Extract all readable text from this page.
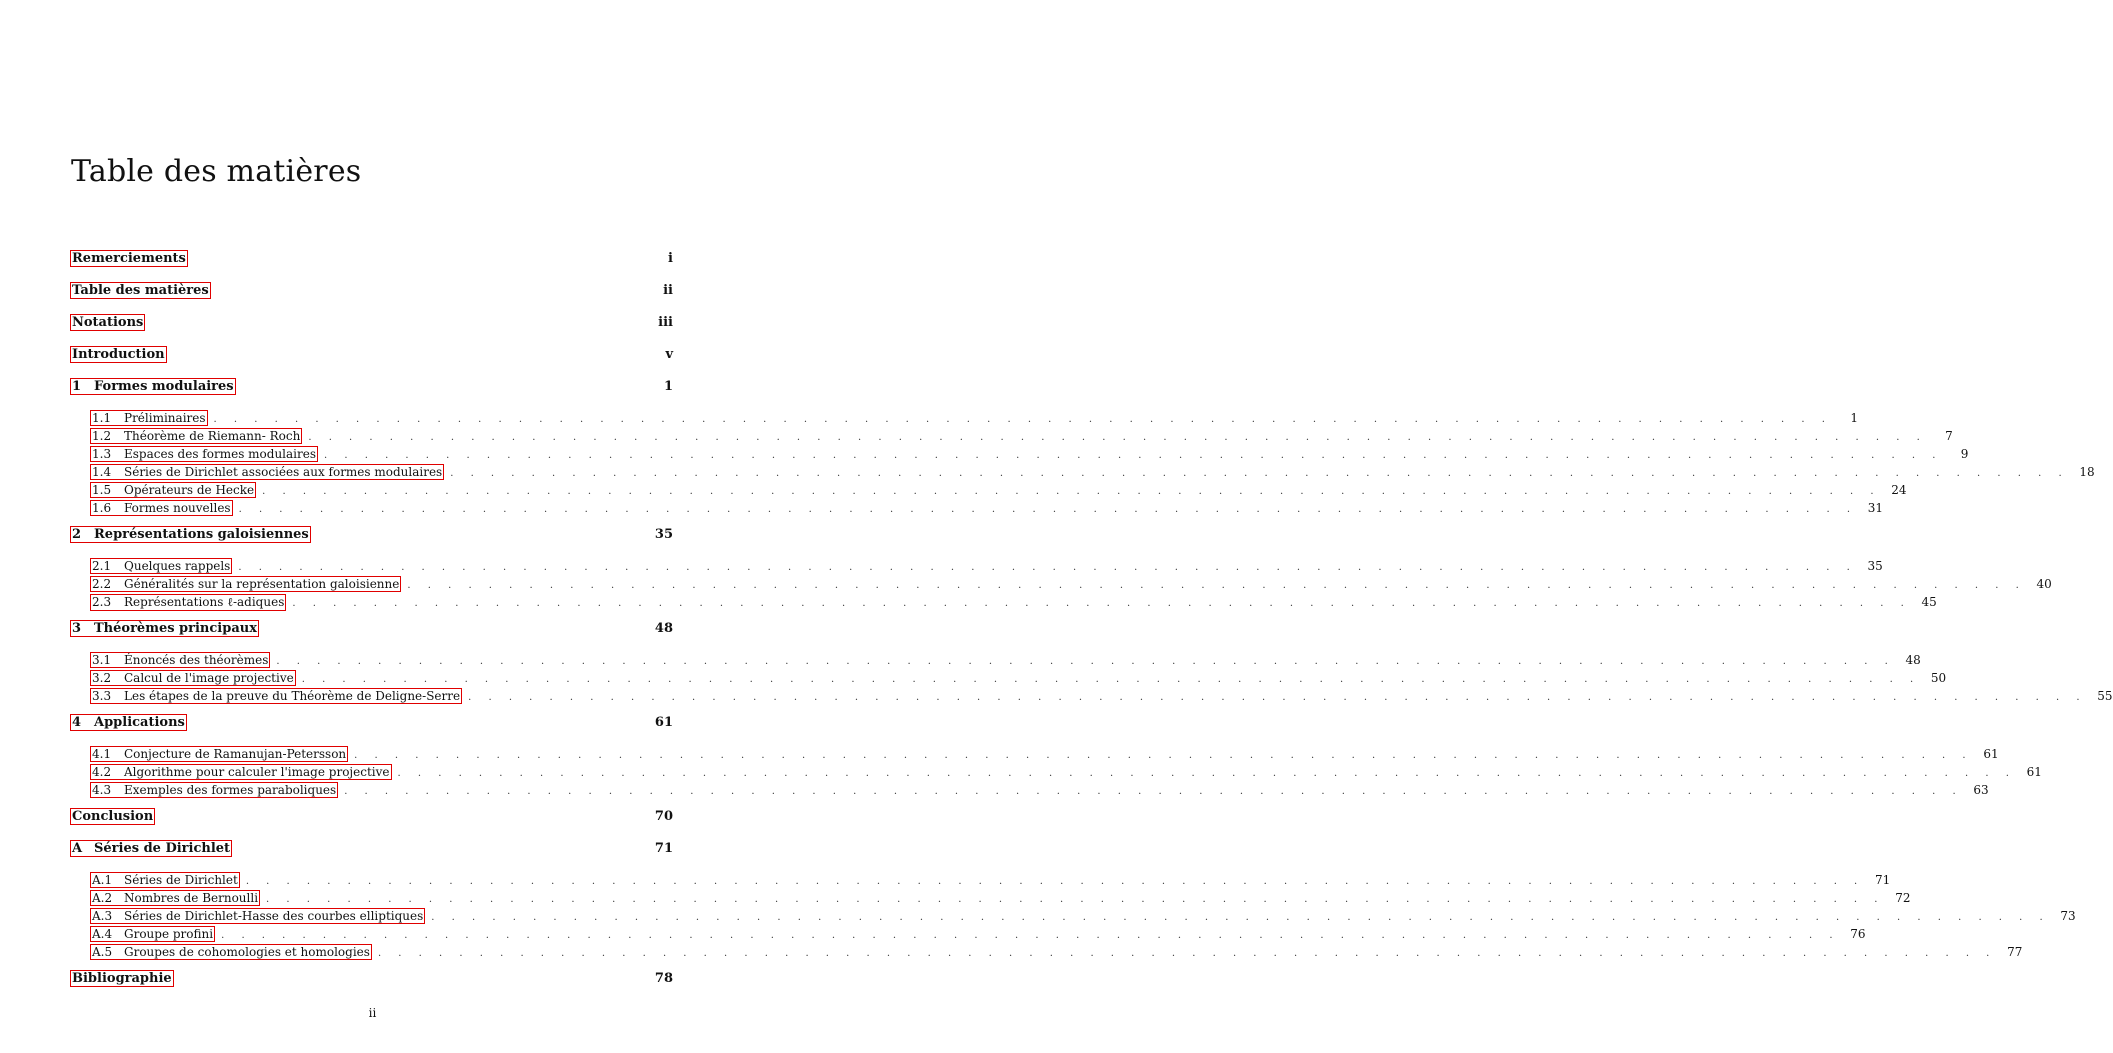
Table des matières
Remerciements	i
Table des matières	ii
Notations	iii
Introduction	v
1 Formes modulaires	1
1.1 Préliminaires . . . . . . . . . . . . . . . . . . . . . . . . . . . . . . . . . . . . . . . . . . . . . . . . . . . . . . . . . . . . . . . . . . . . . . . . . . . . . . . .	1
1.2 Théorème de Riemann- Roch . . . . . . . . . . . . . . . . . . . . . . . . . . . . . . . . . . . . . . . . . . . . . . . . . . . . . . . . . . . . . . . . . . . . . . . . . . . . . . . .	7
1.3 Espaces des formes modulaires . . . . . . . . . . . . . . . . . . . . . . . . . . . . . . . . . . . . . . . . . . . . . . . . . . . . . . . . . . . . . . . . . . . . . . . . . . . . . . . .	9
1.4 Séries de Dirichlet associées aux formes modulaires . . . . . . . . . . . . . . . . . . . . . . . . . . . . . . . . . . . . . . . . . . . . . . . . . . . . . . . . . . . . . . . . . . . . . . . . . . . . . . . . 18
1.5 Opérateurs de Hecke . . . . . . . . . . . . . . . . . . . . . . . . . . . . . . . . . . . . . . . . . . . . . . . . . . . . . . . . . . . . . . . . . . . . . . . . . . . . . . . . 24
1.6 Formes nouvelles . . . . . . . . . . . . . . . . . . . . . . . . . . . . . . . . . . . . . . . . . . . . . . . . . . . . . . . . . . . . . . . . . . . . . . . . . . . . . . . . 31
2 Représentations galoisiennes	35
2.1 Quelques rappels . . . . . . . . . . . . . . . . . . . . . . . . . . . . . . . . . . . . . . . . . . . . . . . . . . . . . . . . . . . . . . . . . . . . . . . . . . . . . . . . 35
2.2 Généralités sur la représentation galoisienne . . . . . . . . . . . . . . . . . . . . . . . . . . . . . . . . . . . . . . . . . . . . . . . . . . . . . . . . . . . . . . . . . . . . . . . . . . . . . . . . 40
2.3 Représentations ℓ-adiques . . . . . . . . . . . . . . . . . . . . . . . . . . . . . . . . . . . . . . . . . . . . . . . . . . . . . . . . . . . . . . . . . . . . . . . . . . . . . . . . 45
3 Théorèmes principaux	48
3.1 Énoncés des théorèmes . . . . . . . . . . . . . . . . . . . . . . . . . . . . . . . . . . . . . . . . . . . . . . . . . . . . . . . . . . . . . . . . . . . . . . . . . . . . . . . . 48
3.2 Calcul de l'image projective . . . . . . . . . . . . . . . . . . . . . . . . . . . . . . . . . . . . . . . . . . . . . . . . . . . . . . . . . . . . . . . . . . . . . . . . . . . . . . . . 50
3.3 Les étapes de la preuve du Théorème de Deligne-Serre . . . . . . . . . . . . . . . . . . . . . . . . . . . . . . . . . . . . . . . . . . . . . . . . . . . . . . . . . . . . . . . . . . . . . . . . . . . . . . . . 55
4 Applications	61
4.1 Conjecture de Ramanujan-Petersson . . . . . . . . . . . . . . . . . . . . . . . . . . . . . . . . . . . . . . . . . . . . . . . . . . . . . . . . . . . . . . . . . . . . . . . . . . . . . . . . 61
4.2 Algorithme pour calculer l'image projective . . . . . . . . . . . . . . . . . . . . . . . . . . . . . . . . . . . . . . . . . . . . . . . . . . . . . . . . . . . . . . . . . . . . . . . . . . . . . . . . 61
4.3 Exemples des formes paraboliques . . . . . . . . . . . . . . . . . . . . . . . . . . . . . . . . . . . . . . . . . . . . . . . . . . . . . . . . . . . . . . . . . . . . . . . . . . . . . . . . 63
Conclusion	70
A Séries de Dirichlet	71
A.1 Séries de Dirichlet . . . . . . . . . . . . . . . . . . . . . . . . . . . . . . . . . . . . . . . . . . . . . . . . . . . . . . . . . . . . . . . . . . . . . . . . . . . . . . . . 71
A.2 Nombres de Bernoulli . . . . . . . . . . . . . . . . . . . . . . . . . . . . . . . . . . . . . . . . . . . . . . . . . . . . . . . . . . . . . . . . . . . . . . . . . . . . . . . . 72
A.3 Séries de Dirichlet-Hasse des courbes elliptiques . . . . . . . . . . . . . . . . . . . . . . . . . . . . . . . . . . . . . . . . . . . . . . . . . . . . . . . . . . . . . . . . . . . . . . . . . . . . . . . . 73
A.4 Groupe profini . . . . . . . . . . . . . . . . . . . . . . . . . . . . . . . . . . . . . . . . . . . . . . . . . . . . . . . . . . . . . . . . . . . . . . . . . . . . . . . . 76
A.5 Groupes de cohomologies et homologies . . . . . . . . . . . . . . . . . . . . . . . . . . . . . . . . . . . . . . . . . . . . . . . . . . . . . . . . . . . . . . . . . . . . . . . . . . . . . . . . 77
Bibliographie	78
ii
